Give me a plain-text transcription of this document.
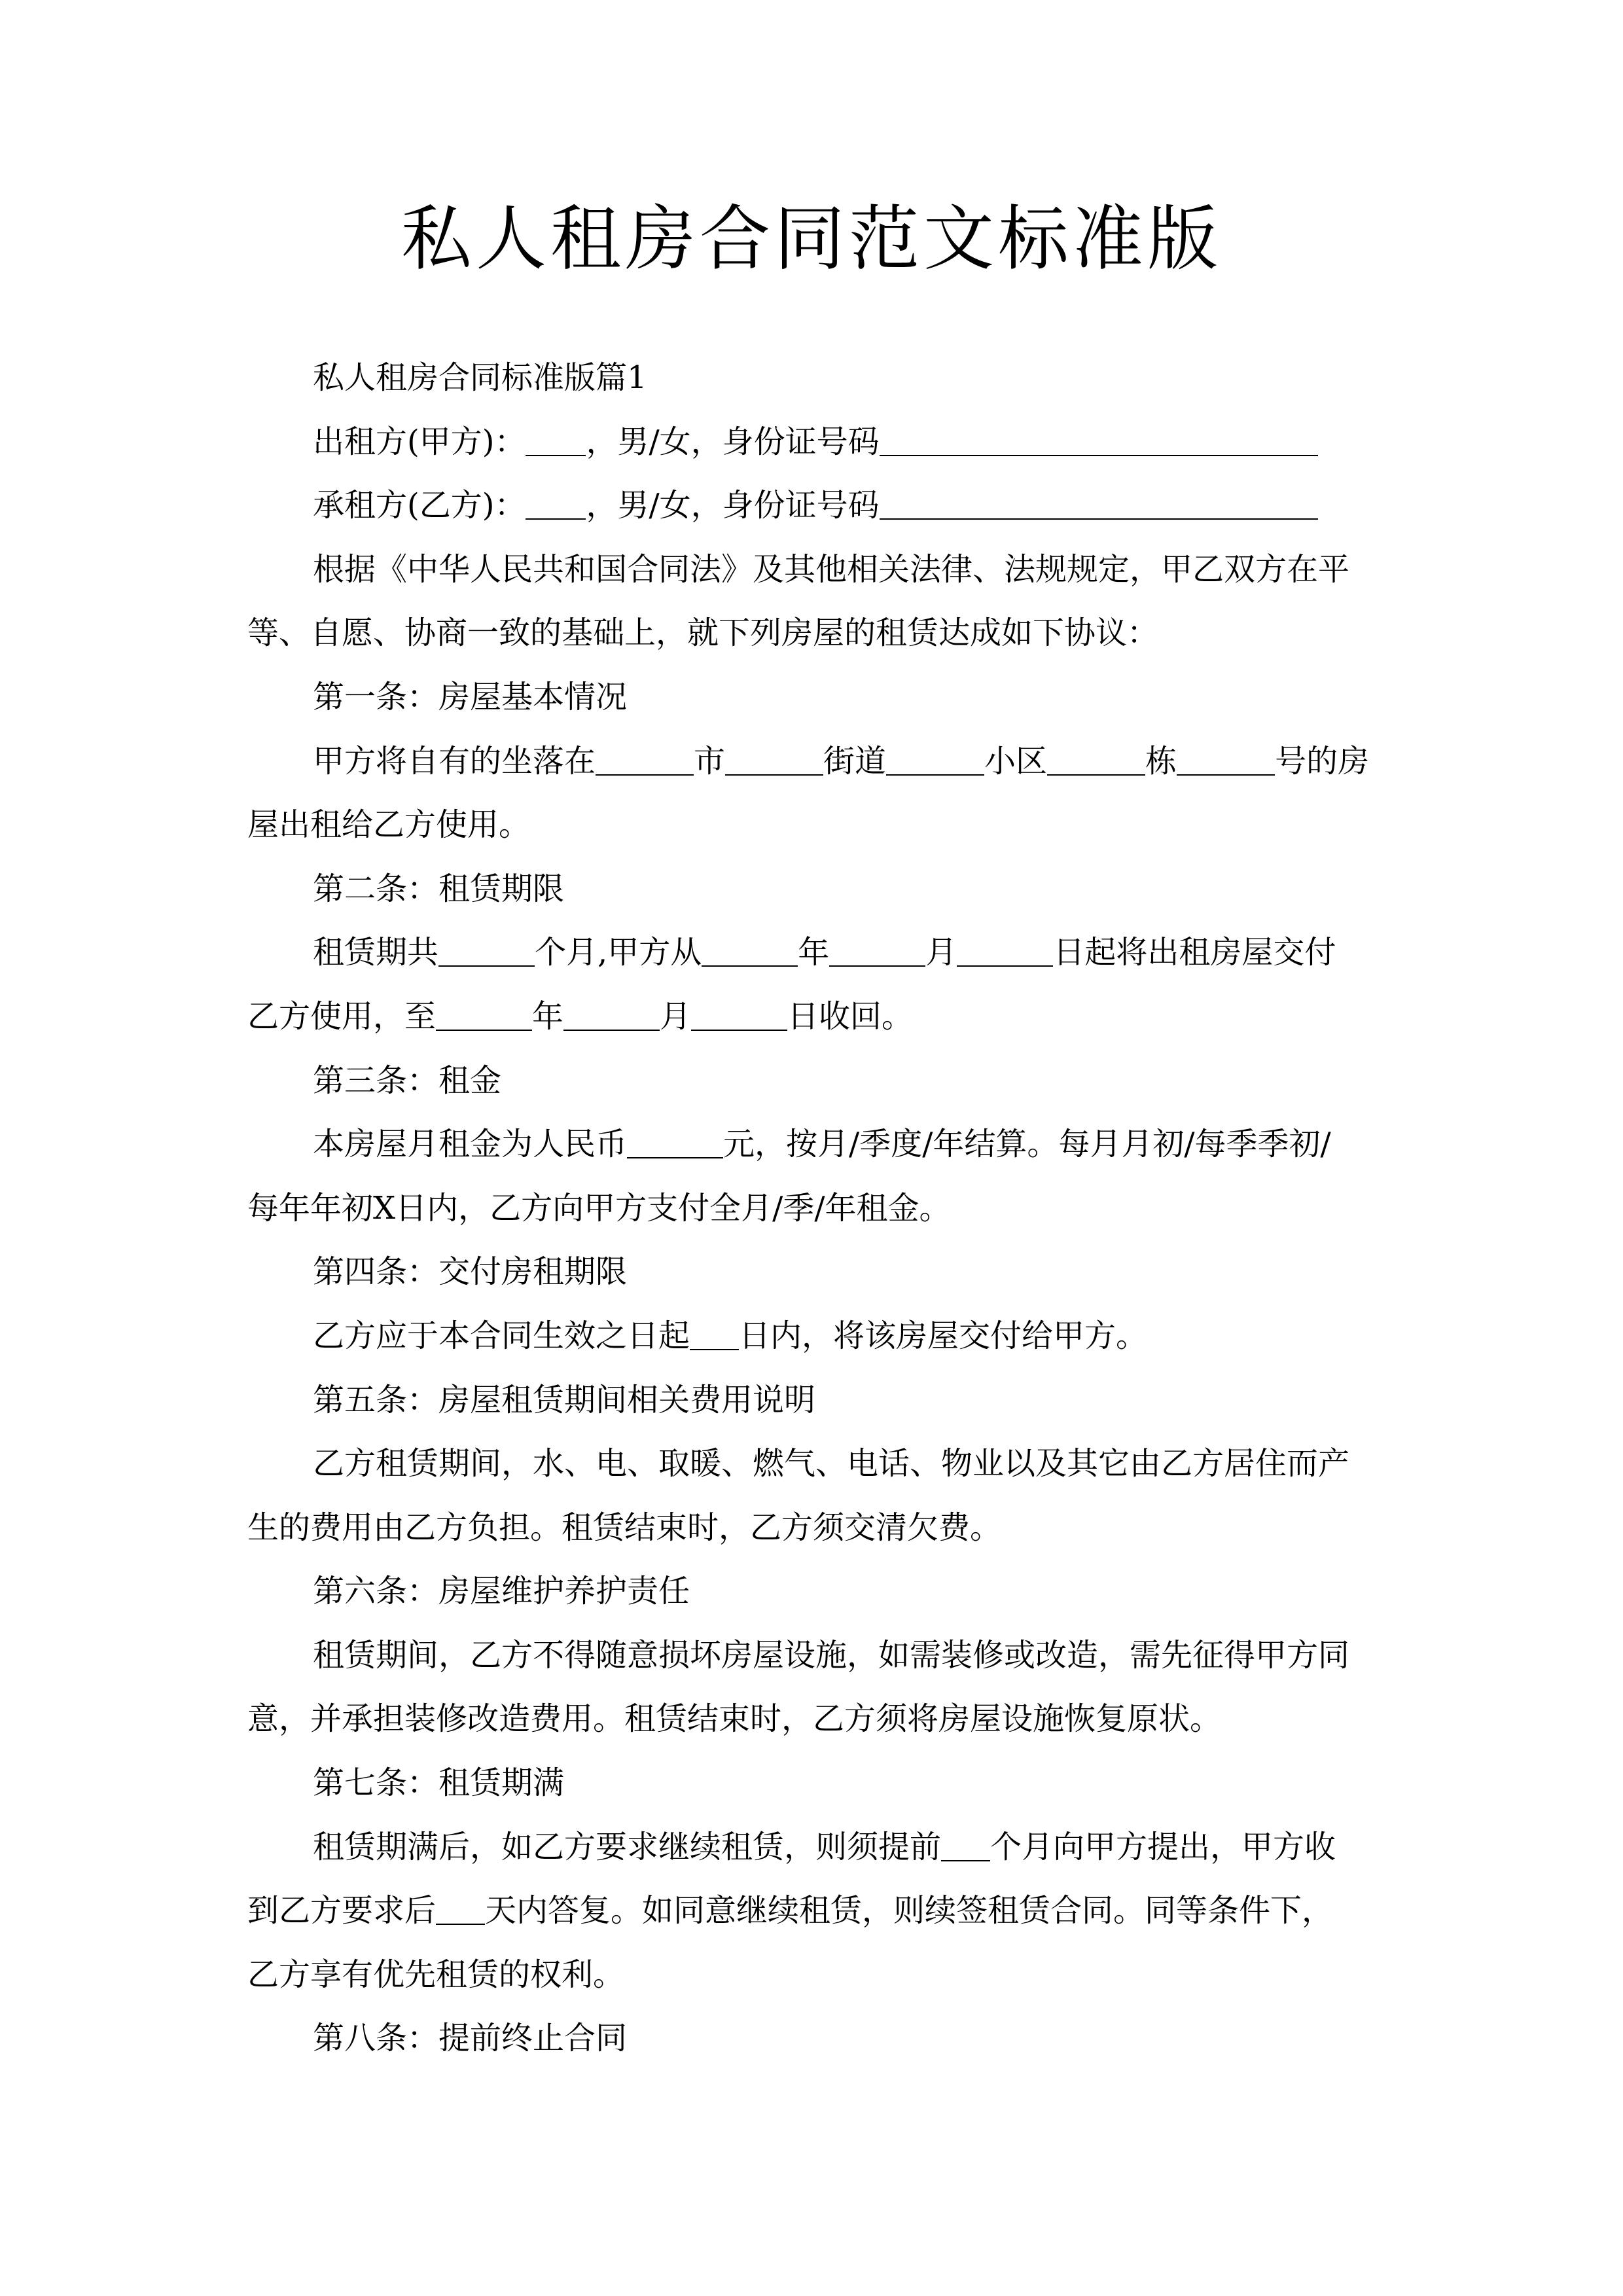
私人租房合同范文标准版
私人租房合同标准版篇1
出租方(甲方)： ，男/女，身份证号码
承租方(乙方)： ，男/女，身份证号码
根据《中华人民共和国合同法》及其他相关法律、法规规定，甲乙双方在平
等、自愿、协商一致的基础上，就下列房屋的租赁达成如下协议：
第一条：房屋基本情况
甲方将自有的坐落在	市	街道	小区	栋	号的房
屋出租给乙方使用。
第二条：租赁期限
租赁期共	个月,甲方从	年	月	日起将出租房屋交付
乙方使用，至	年	月	日收回。
第三条：租金
本房屋月租金为人民币	元，按月/季度/年结算。每月月初/每季季初/
每年年初X日内，乙方向甲方支付全月/季/年租金。
第四条：交付房租期限
乙方应于本合同生效之日起 日内，将该房屋交付给甲方。
第五条：房屋租赁期间相关费用说明
乙方租赁期间，水、电、取暖、燃气、电话、物业以及其它由乙方居住而产
生的费用由乙方负担。租赁结束时，乙方须交清欠费。
第六条：房屋维护养护责任
租赁期间，乙方不得随意损坏房屋设施，如需装修或改造，需先征得甲方同
意，并承担装修改造费用。租赁结束时，乙方须将房屋设施恢复原状。
第七条：租赁期满
租赁期满后，如乙方要求继续租赁，则须提前 个月向甲方提出，甲方收
到乙方要求后 天内答复。如同意继续租赁，则续签租赁合同。同等条件下，
乙方享有优先租赁的权利。
第八条：提前终止合同
